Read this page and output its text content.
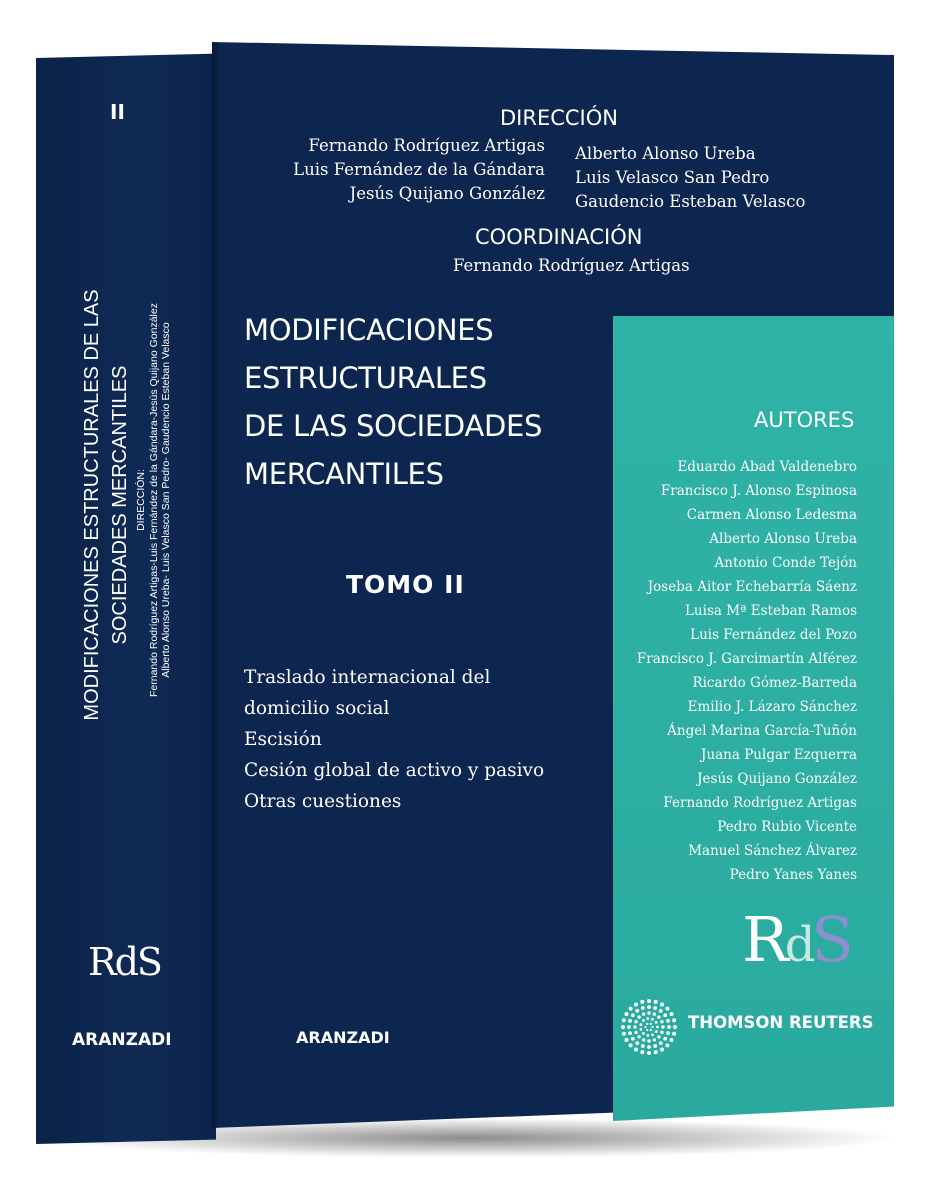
II
MODIFICACIONES ESTRUCTURALES DE LAS SOCIEDADES MERCANTILES DIRECCIÓN: Fernando Rodríguez Artigas-Luis Fernández de la Gándara-Jesús Quijano González Alberto Alonso Ureba- Luis Velasco San Pedro- Gaudencio Esteban Velasco
RdS
ARANZADI
DIRECCIÓN
Fernando Rodríguez Artigas
Luis Fernández de la Gándara
Jesús Quijano González
Alberto Alonso Ureba
Luis Velasco San Pedro
Gaudencio Esteban Velasco
COORDINACIÓN
Fernando Rodríguez Artigas
MODIFICACIONES
ESTRUCTURALES
DE LAS SOCIEDADES
MERCANTILES
TOMO II
Traslado internacional del
domicilio social
Escisión
Cesión global de activo y pasivo
Otras cuestiones
ARANZADI
AUTORES
Eduardo Abad Valdenebro
Francisco J. Alonso Espinosa
Carmen Alonso Ledesma
Alberto Alonso Ureba
Antonio Conde Tejón
Joseba Aitor Echebarría Sáenz
Luisa Mª Esteban Ramos
Luis Fernández del Pozo
Francisco J. Garcimartín Alférez
Ricardo Gómez-Barreda
Emilio J. Lázaro Sánchez
Ángel Marina García-Tuñón
Juana Pulgar Ezquerra
Jesús Quijano González
Fernando Rodríguez Artigas
Pedro Rubio Vicente
Manuel Sánchez Álvarez
Pedro Yanes Yanes
RdS
THOMSON REUTERS
